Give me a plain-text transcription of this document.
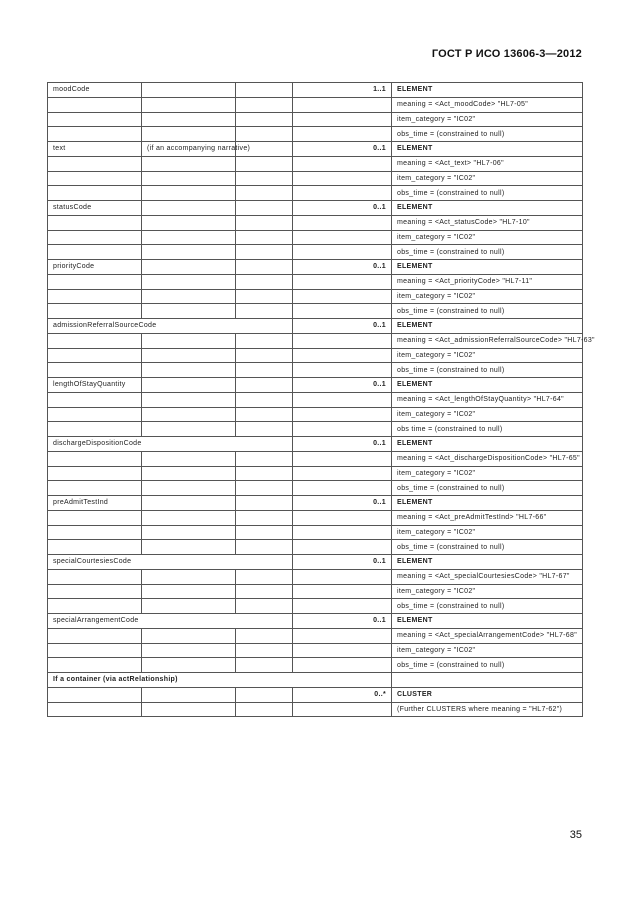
ГОСТ Р ИСО 13606-3—2012
moodCode			1..1	ELEMENT
				meaning = <Act_moodCode> "HL7-05"
				item_category = "IC02"
				obs_time = (constrained to null)
text	(if an accompanying narrative)		0..1	ELEMENT
				meaning = <Act_text> "HL7-06"
				item_category = "IC02"
				obs_time = (constrained to null)
statusCode			0..1	ELEMENT
				meaning = <Act_statusCode> "HL7-10"
				item_category = "IC02"
				obs_time = (constrained to null)
priorityCode			0..1	ELEMENT
				meaning = <Act_priorityCode> "HL7-11"
				item_category = "IC02"
				obs_time = (constrained to null)
admissionReferralSourceCode			0..1	ELEMENT
				meaning = <Act_admissionReferralSourceCode> "HL7-63"
				item_category = "IC02"
				obs_time = (constrained to null)
lengthOfStayQuantity			0..1	ELEMENT
				meaning = <Act_lengthOfStayQuantity> "HL7-64"
				item_category = "IC02"
				obs time = (constrained to null)
dischargeDispositionCode			0..1	ELEMENT
				meaning = <Act_dischargeDispositionCode> "HL7-65"
				item_category = "IC02"
				obs_time = (constrained to null)
preAdmitTestInd			0..1	ELEMENT
				meaning = <Act_preAdmitTestInd> "HL7-66"
				item_category = "IC02"
				obs_time = (constrained to null)
specialCourtesiesCode			0..1	ELEMENT
				meaning = <Act_specialCourtesiesCode> "HL7-67"
				item_category = "IC02"
				obs_time = (constrained to null)
specialArrangementCode			0..1	ELEMENT
				meaning = <Act_specialArrangementCode> "HL7-68"
				item_category = "IC02"
				obs_time = (constrained to null)
If a container (via actRelationship)				
			0..*	CLUSTER
				(Further CLUSTERS where meaning = "HL7-62")
35
